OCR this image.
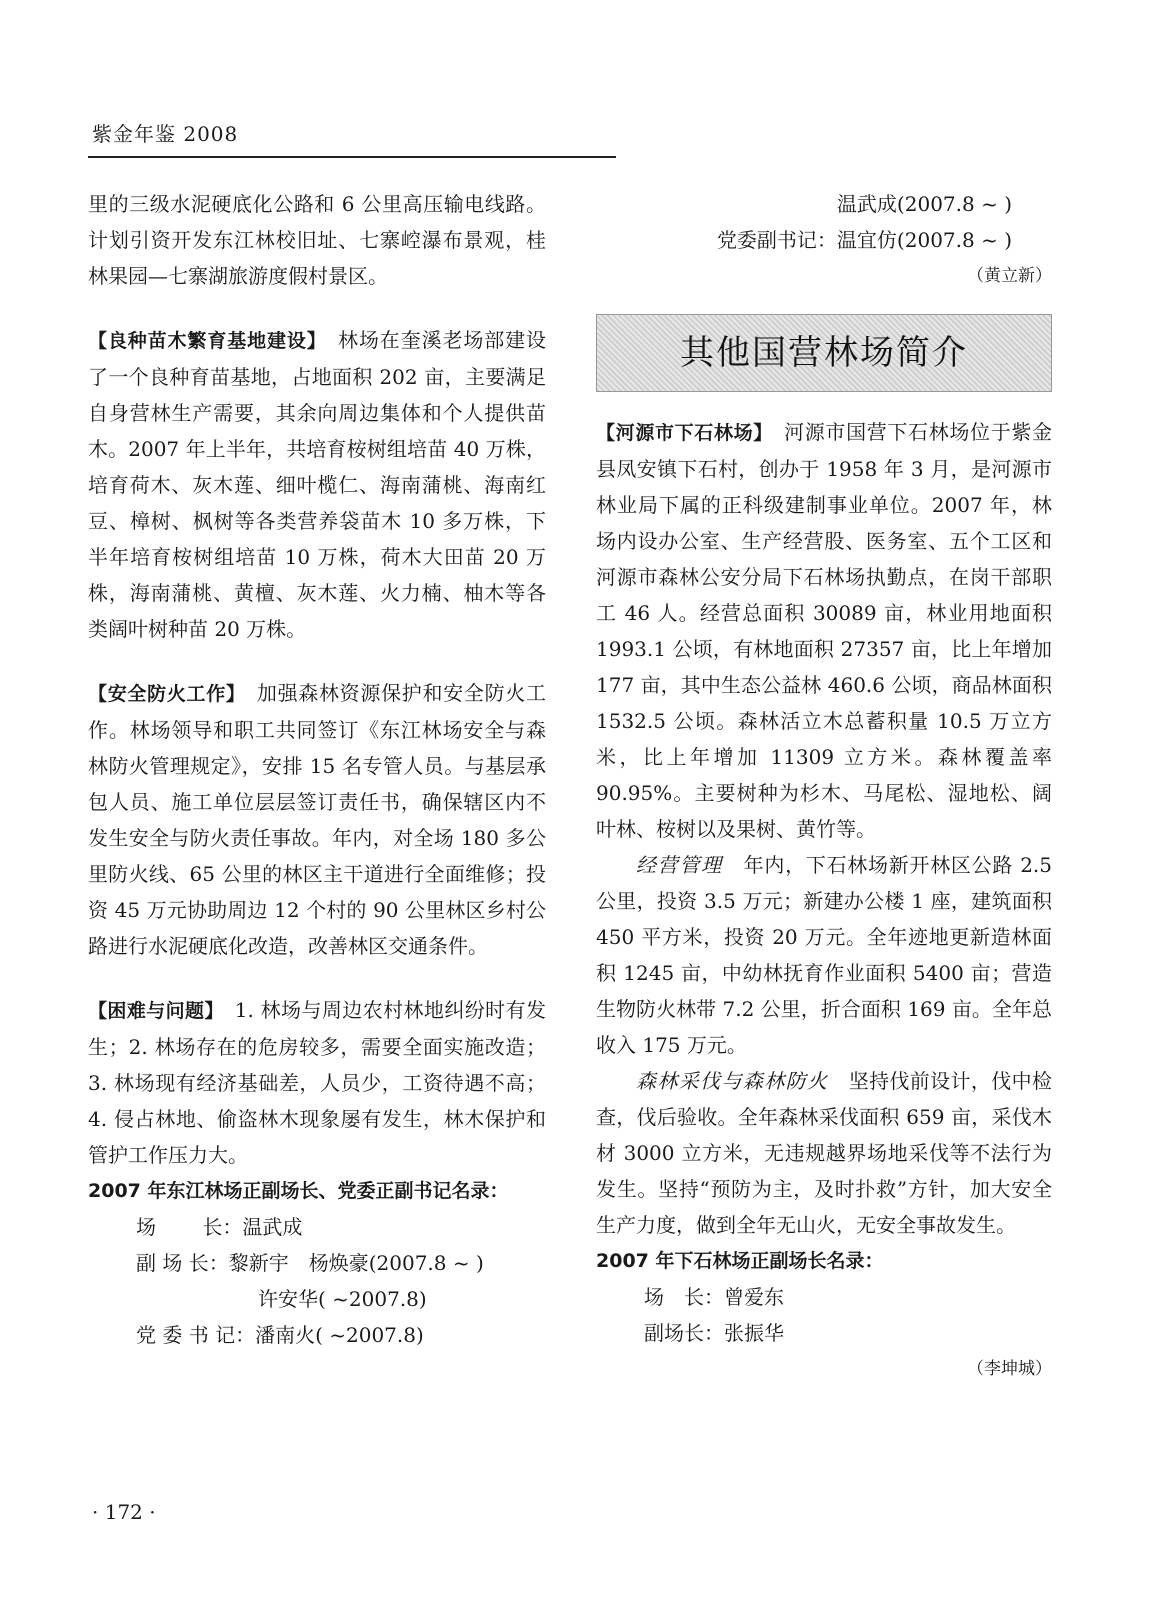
紫金年鉴 2008

里的三级水泥硬底化公路和 6 公里高压输电线路。计划引资开发东江林校旧址、七寨崆瀑布景观，桂林果园—七寨湖旅游度假村景区。

【良种苗木繁育基地建设】　 林场在奎溪老场部建设了一个良种育苗基地，占地面积 202 亩，主要满足自身营林生产需要，其余向周边集体和个人提供苗木。2007 年上半年，共培育桉树组培苗 40 万株，培育荷木、灰木莲、细叶榄仁、海南蒲桃、海南红豆、樟树、枫树等各类营养袋苗木 10 多万株，下半年培育桉树组培苗 10 万株，荷木大田苗 20 万株，海南蒲桃、黄檀、灰木莲、火力楠、柚木等各类阔叶树种苗 20 万株。

【安全防火工作】　 加强森林资源保护和安全防火工作。林场领导和职工共同签订《东江林场安全与森林防火管理规定》，安排 15 名专管人员。与基层承包人员、施工单位层层签订责任书，确保辖区内不发生安全与防火责任事故。年内，对全场 180 多公里防火线、65 公里的林区主干道进行全面维修；投资 45 万元协助周边 12 个村的 90 公里林区乡村公路进行水泥硬底化改造，改善林区交通条件。

【困难与问题】　 1. 林场与周边农村林地纠纷时有发生；2. 林场存在的危房较多，需要全面实施改造；3. 林场现有经济基础差，人员少，工资待遇不高；4. 侵占林地、偷盗林木现象屡有发生，林木保护和管护工作压力大。

2007 年东江林场正副场长、党委正副书记名录：

场　　 长：温武成

副 场 长：黎新宇　杨焕豪(2007.8 ~ )

许安华( ~2007.8)

党 委 书 记：潘南火( ~2007.8)

温武成(2007.8 ~ )

党委副书记：温宜仿(2007.8 ~ )

（黄立新）

其他国营林场简介

【河源市下石林场】　 河源市国营下石林场位于紫金县凤安镇下石村，创办于 1958 年 3 月，是河源市林业局下属的正科级建制事业单位。2007 年，林场内设办公室、生产经营股、医务室、五个工区和河源市森林公安分局下石林场执勤点，在岗干部职工 46 人。经营总面积 30089 亩，林业用地面积 1993.1 公顷，有林地面积 27357 亩，比上年增加 177 亩，其中生态公益林 460.6 公顷，商品林面积 1532.5 公顷。森林活立木总蓄积量 10.5 万立方米，比上年增加 11309 立方米。森林覆盖率 90.95%。主要树种为杉木、马尾松、湿地松、阔叶林、桉树以及果树、黄竹等。

经营管理　 年内，下石林场新开林区公路 2.5 公里，投资 3.5 万元；新建办公楼 1 座，建筑面积 450 平方米，投资 20 万元。全年迹地更新造林面积 1245 亩，中幼林抚育作业面积 5400 亩；营造生物防火林带 7.2 公里，折合面积 169 亩。全年总收入 175 万元。

森林采伐与森林防火　 坚持伐前设计，伐中检查，伐后验收。全年森林采伐面积 659 亩，采伐木材 3000 立方米，无违规越界场地采伐等不法行为发生。坚持“预防为主，及时扑救”方针，加大安全生产力度，做到全年无山火，无安全事故发生。

2007 年下石林场正副场长名录：

场　长：曾爱东

副场长：张振华

（李坤城）

· 172 ·
